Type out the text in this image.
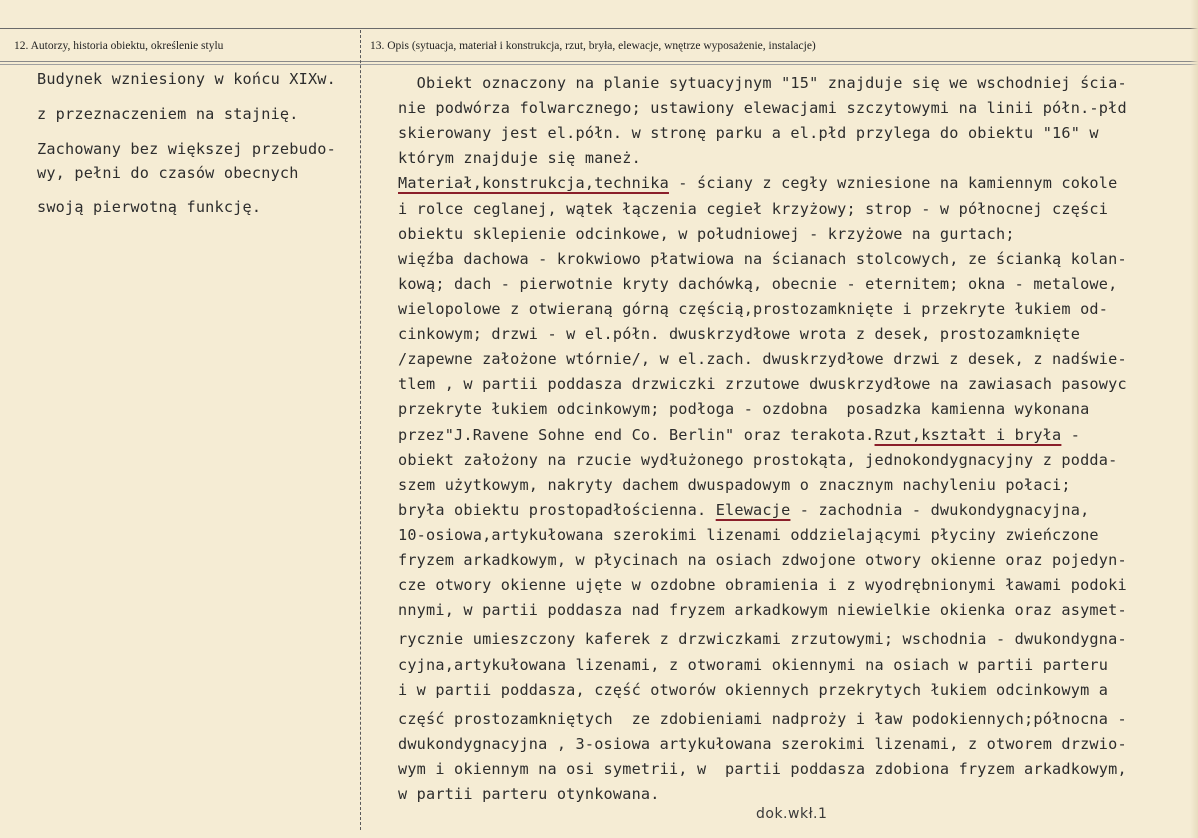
12. Autorzy, historia obiektu, określenie stylu	13. Opis (sytuacja, materiał i konstrukcja, rzut, bryła, elewacje, wnętrze wyposażenie, instalacje)
Budynek wzniesiony w końcu XIXw.
z przeznaczeniem na stajnię.
Zachowany bez większej przebudo-
wy, pełni do czasów obecnych
swoją pierwotną funkcję.
Obiekt oznaczony na planie sytuacyjnym "15" znajduje się we wschodniej ścia-
nie podwórza folwarcznego; ustawiony elewacjami szczytowymi na linii półn.-płd
skierowany jest el.półn. w stronę parku a el.płd przylega do obiektu "16" w
którym znajduje się maneż.
Materiał,konstrukcja,technika - ściany z cegły wzniesione na kamiennym cokole
i rolce ceglanej, wątek łączenia cegieł krzyżowy; strop - w północnej części
obiektu sklepienie odcinkowe, w południowej - krzyżowe na gurtach;
więźba dachowa - krokwiowo płatwiowa na ścianach stolcowych, ze ścianką kolan-
kową; dach - pierwotnie kryty dachówką, obecnie - eternitem; okna - metalowe,
wielopolowe z otwieraną górną częścią,prostozamknięte i przekryte łukiem od-
cinkowym; drzwi - w el.półn. dwuskrzydłowe wrota z desek, prostozamknięte
/zapewne założone wtórnie/, w el.zach. dwuskrzydłowe drzwi z desek, z nadświe-
tlem , w partii poddasza drzwiczki zrzutowe dwuskrzydłowe na zawiasach pasowyc
przekryte łukiem odcinkowym; podłoga - ozdobna  posadzka kamienna wykonana
przez"J.Ravene Sohne end Co. Berlin" oraz terakota.Rzut,kształt i bryła -
obiekt założony na rzucie wydłużonego prostokąta, jednokondygnacyjny z podda-
szem użytkowym, nakryty dachem dwuspadowym o znacznym nachyleniu połaci;
bryła obiektu prostopadłościenna. Elewacje - zachodnia - dwukondygnacyjna,
10-osiowa,artykułowana szerokimi lizenami oddzielającymi płyciny zwieńczone
fryzem arkadkowym, w płycinach na osiach zdwojone otwory okienne oraz pojedyn-
cze otwory okienne ujęte w ozdobne obramienia i z wyodrębnionymi ławami podoki
nnymi, w partii poddasza nad fryzem arkadkowym niewielkie okienka oraz asymet-
rycznie umieszczony kaferek z drzwiczkami zrzutowymi; wschodnia - dwukondygna-
cyjna,artykułowana lizenami, z otworami okiennymi na osiach w partii parteru
i w partii poddasza, część otworów okiennych przekrytych łukiem odcinkowym a
część prostozamkniętych  ze zdobieniami nadproży i ław podokiennych;północna -
dwukondygnacyjna , 3-osiowa artykułowana szerokimi lizenami, z otworem drzwio-
wym i okiennym na osi symetrii, w  partii poddasza zdobiona fryzem arkadkowym,
w partii parteru otynkowana.
dok.wkł.1
